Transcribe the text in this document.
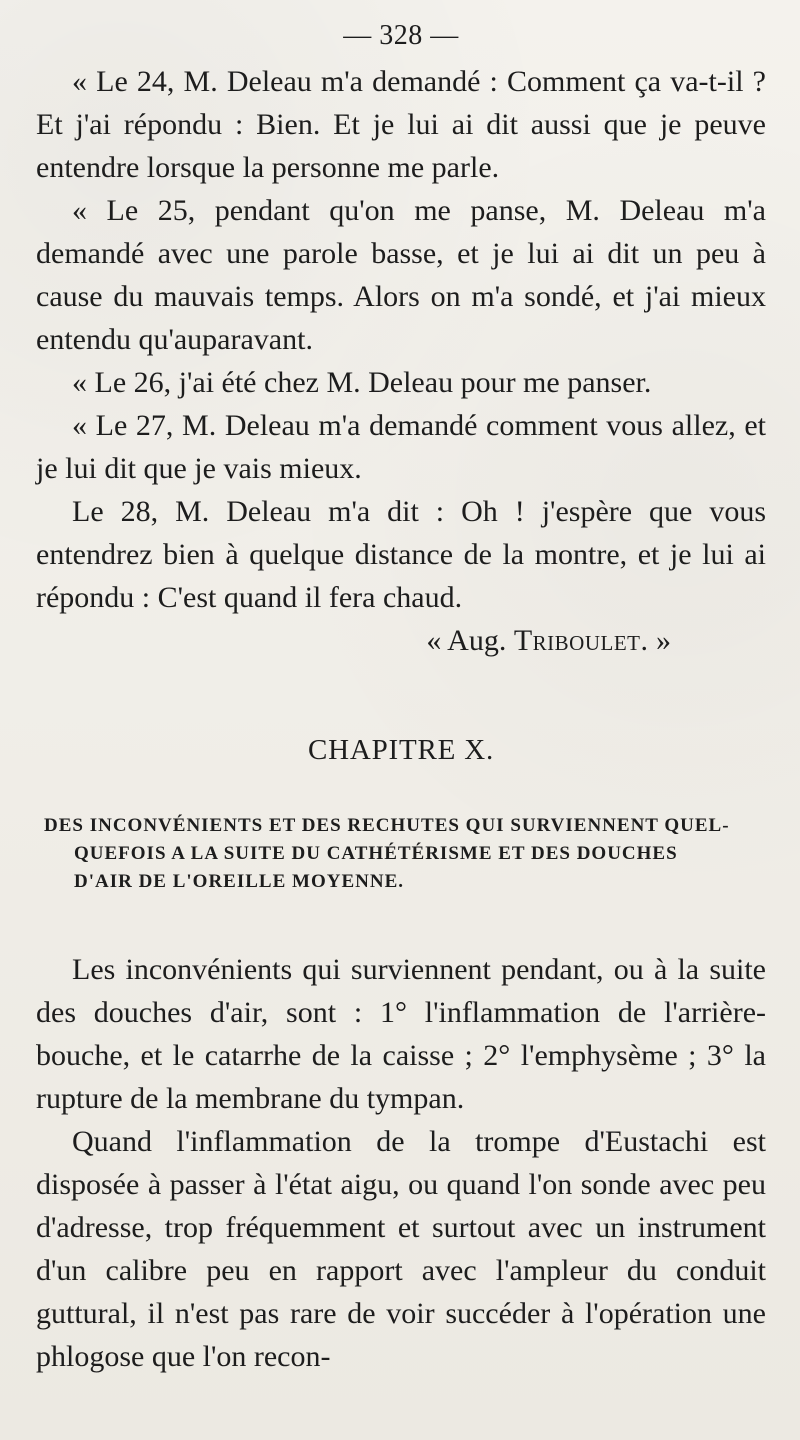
— 328 —

« Le 24, M. Deleau m'a demandé : Comment ça va-t-il ? Et j'ai répondu : Bien. Et je lui ai dit aussi que je peuve entendre lorsque la personne me parle.

« Le 25, pendant qu'on me panse, M. Deleau m'a demandé avec une parole basse, et je lui ai dit un peu à cause du mauvais temps. Alors on m'a sondé, et j'ai mieux entendu qu'auparavant.

« Le 26, j'ai été chez M. Deleau pour me panser.

« Le 27, M. Deleau m'a demandé comment vous allez, et je lui dit que je vais mieux.

Le 28, M. Deleau m'a dit : Oh ! j'espère que vous entendrez bien à quelque distance de la montre, et je lui ai répondu : C'est quand il fera chaud.

« Aug. Triboulet. »

CHAPITRE X.
DES INCONVÉNIENTS ET DES RECHUTES QUI SURVIENNENT QUEL-
QUEFOIS A LA SUITE DU CATHÉTÉRISME ET DES DOUCHES
D'AIR DE L'OREILLE MOYENNE.

Les inconvénients qui surviennent pendant, ou à la suite des douches d'air, sont : 1° l'inflammation de l'arrière-bouche, et le catarrhe de la caisse ; 2° l'emphysème ; 3° la rupture de la membrane du tympan.

Quand l'inflammation de la trompe d'Eustachi est disposée à passer à l'état aigu, ou quand l'on sonde avec peu d'adresse, trop fréquemment et surtout avec un instrument d'un calibre peu en rapport avec l'ampleur du conduit guttural, il n'est pas rare de voir succéder à l'opération une phlogose que l'on recon-
